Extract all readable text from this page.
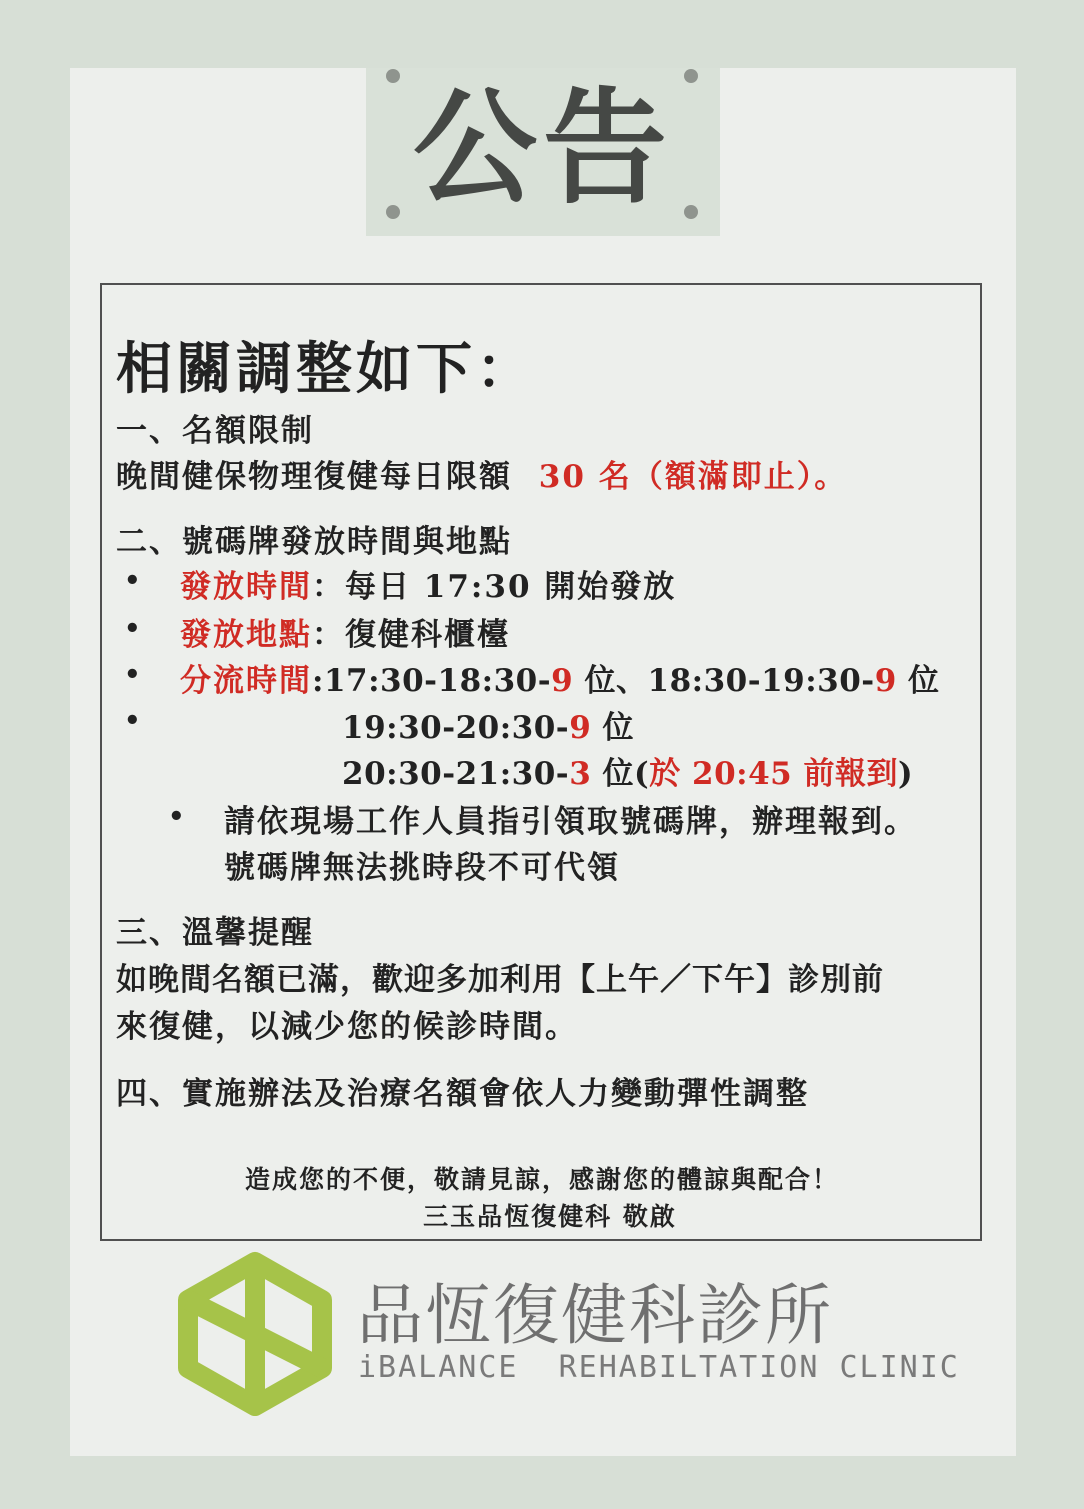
公告
相關調整如下：
一、名額限制
晚間健保物理復健每日限額 30 名（額滿即止）。
二、號碼牌發放時間與地點
• 發放時間：每日 17:30 開始發放
• 發放地點：復健科櫃檯
• 分流時間:17:30-18:30-9 位、18:30-19:30-9 位
•	19:30-20:30-9 位
20:30-21:30-3 位(於 20:45 前報到)
• 請依現場工作人員指引領取號碼牌，辦理報到。
號碼牌無法挑時段不可代領
三、溫馨提醒
如晚間名額已滿，歡迎多加利用【上午／下午】診別前
來復健，以減少您的候診時間。
四、實施辦法及治療名額會依人力變動彈性調整
造成您的不便，敬請見諒，感謝您的體諒與配合！
三玉品恆復健科 敬啟
品恆復健科診所
iBALANCE  REHABILTATION CLINIC
